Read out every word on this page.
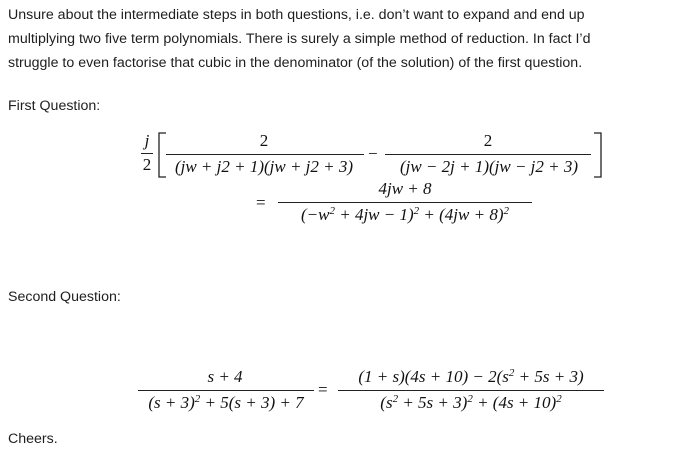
Unsure about the intermediate steps in both questions, i.e. don’t want to expand and end up
multiplying two five term polynomials. There is surely a simple method of reduction. In fact I’d
struggle to even factorise that cubic in the denominator (of the solution) of the first question.
First Question:
j
2
2
(jw + j2 + 1)(jw + j2 + 3)
−
2
(jw − 2j + 1)(jw − j2 + 3)
=
4jw + 8
$(-w^2 + 4jw - 1)^2 + (4jw + 8)^2$
Second Question:
s + 4
$(s + 3)^2 + 5(s + 3) + 7$
=
$(1 + s)(4s + 10) - 2(s^2 + 5s + 3)$
$(s^2 + 5s + 3)^2 + (4s + 10)^2$
Cheers.
